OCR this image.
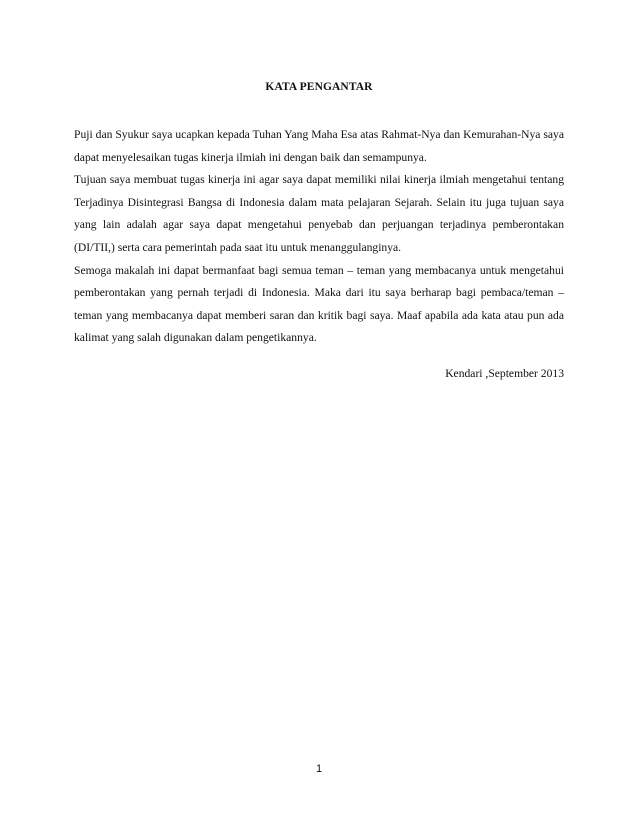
KATA PENGANTAR

Puji dan Syukur saya ucapkan kepada Tuhan Yang Maha Esa atas Rahmat-Nya dan Kemurahan-Nya saya dapat menyelesaikan tugas kinerja ilmiah ini dengan baik dan semampunya.

Tujuan saya membuat tugas kinerja ini agar saya dapat memiliki nilai kinerja ilmiah mengetahui tentang Terjadinya Disintegrasi Bangsa di Indonesia dalam mata pelajaran Sejarah. Selain itu juga tujuan saya yang lain adalah agar saya dapat mengetahui penyebab dan perjuangan terjadinya pemberontakan (DI/TII,) serta cara pemerintah pada saat itu untuk menanggulanginya.

Semoga makalah ini dapat bermanfaat bagi semua teman – teman yang membacanya untuk mengetahui pemberontakan yang pernah terjadi di Indonesia. Maka dari itu saya berharap bagi pembaca/teman – teman yang membacanya dapat memberi saran dan kritik bagi saya. Maaf apabila ada kata atau pun ada kalimat yang salah digunakan dalam pengetikannya.

Kendari ,September 2013
1
